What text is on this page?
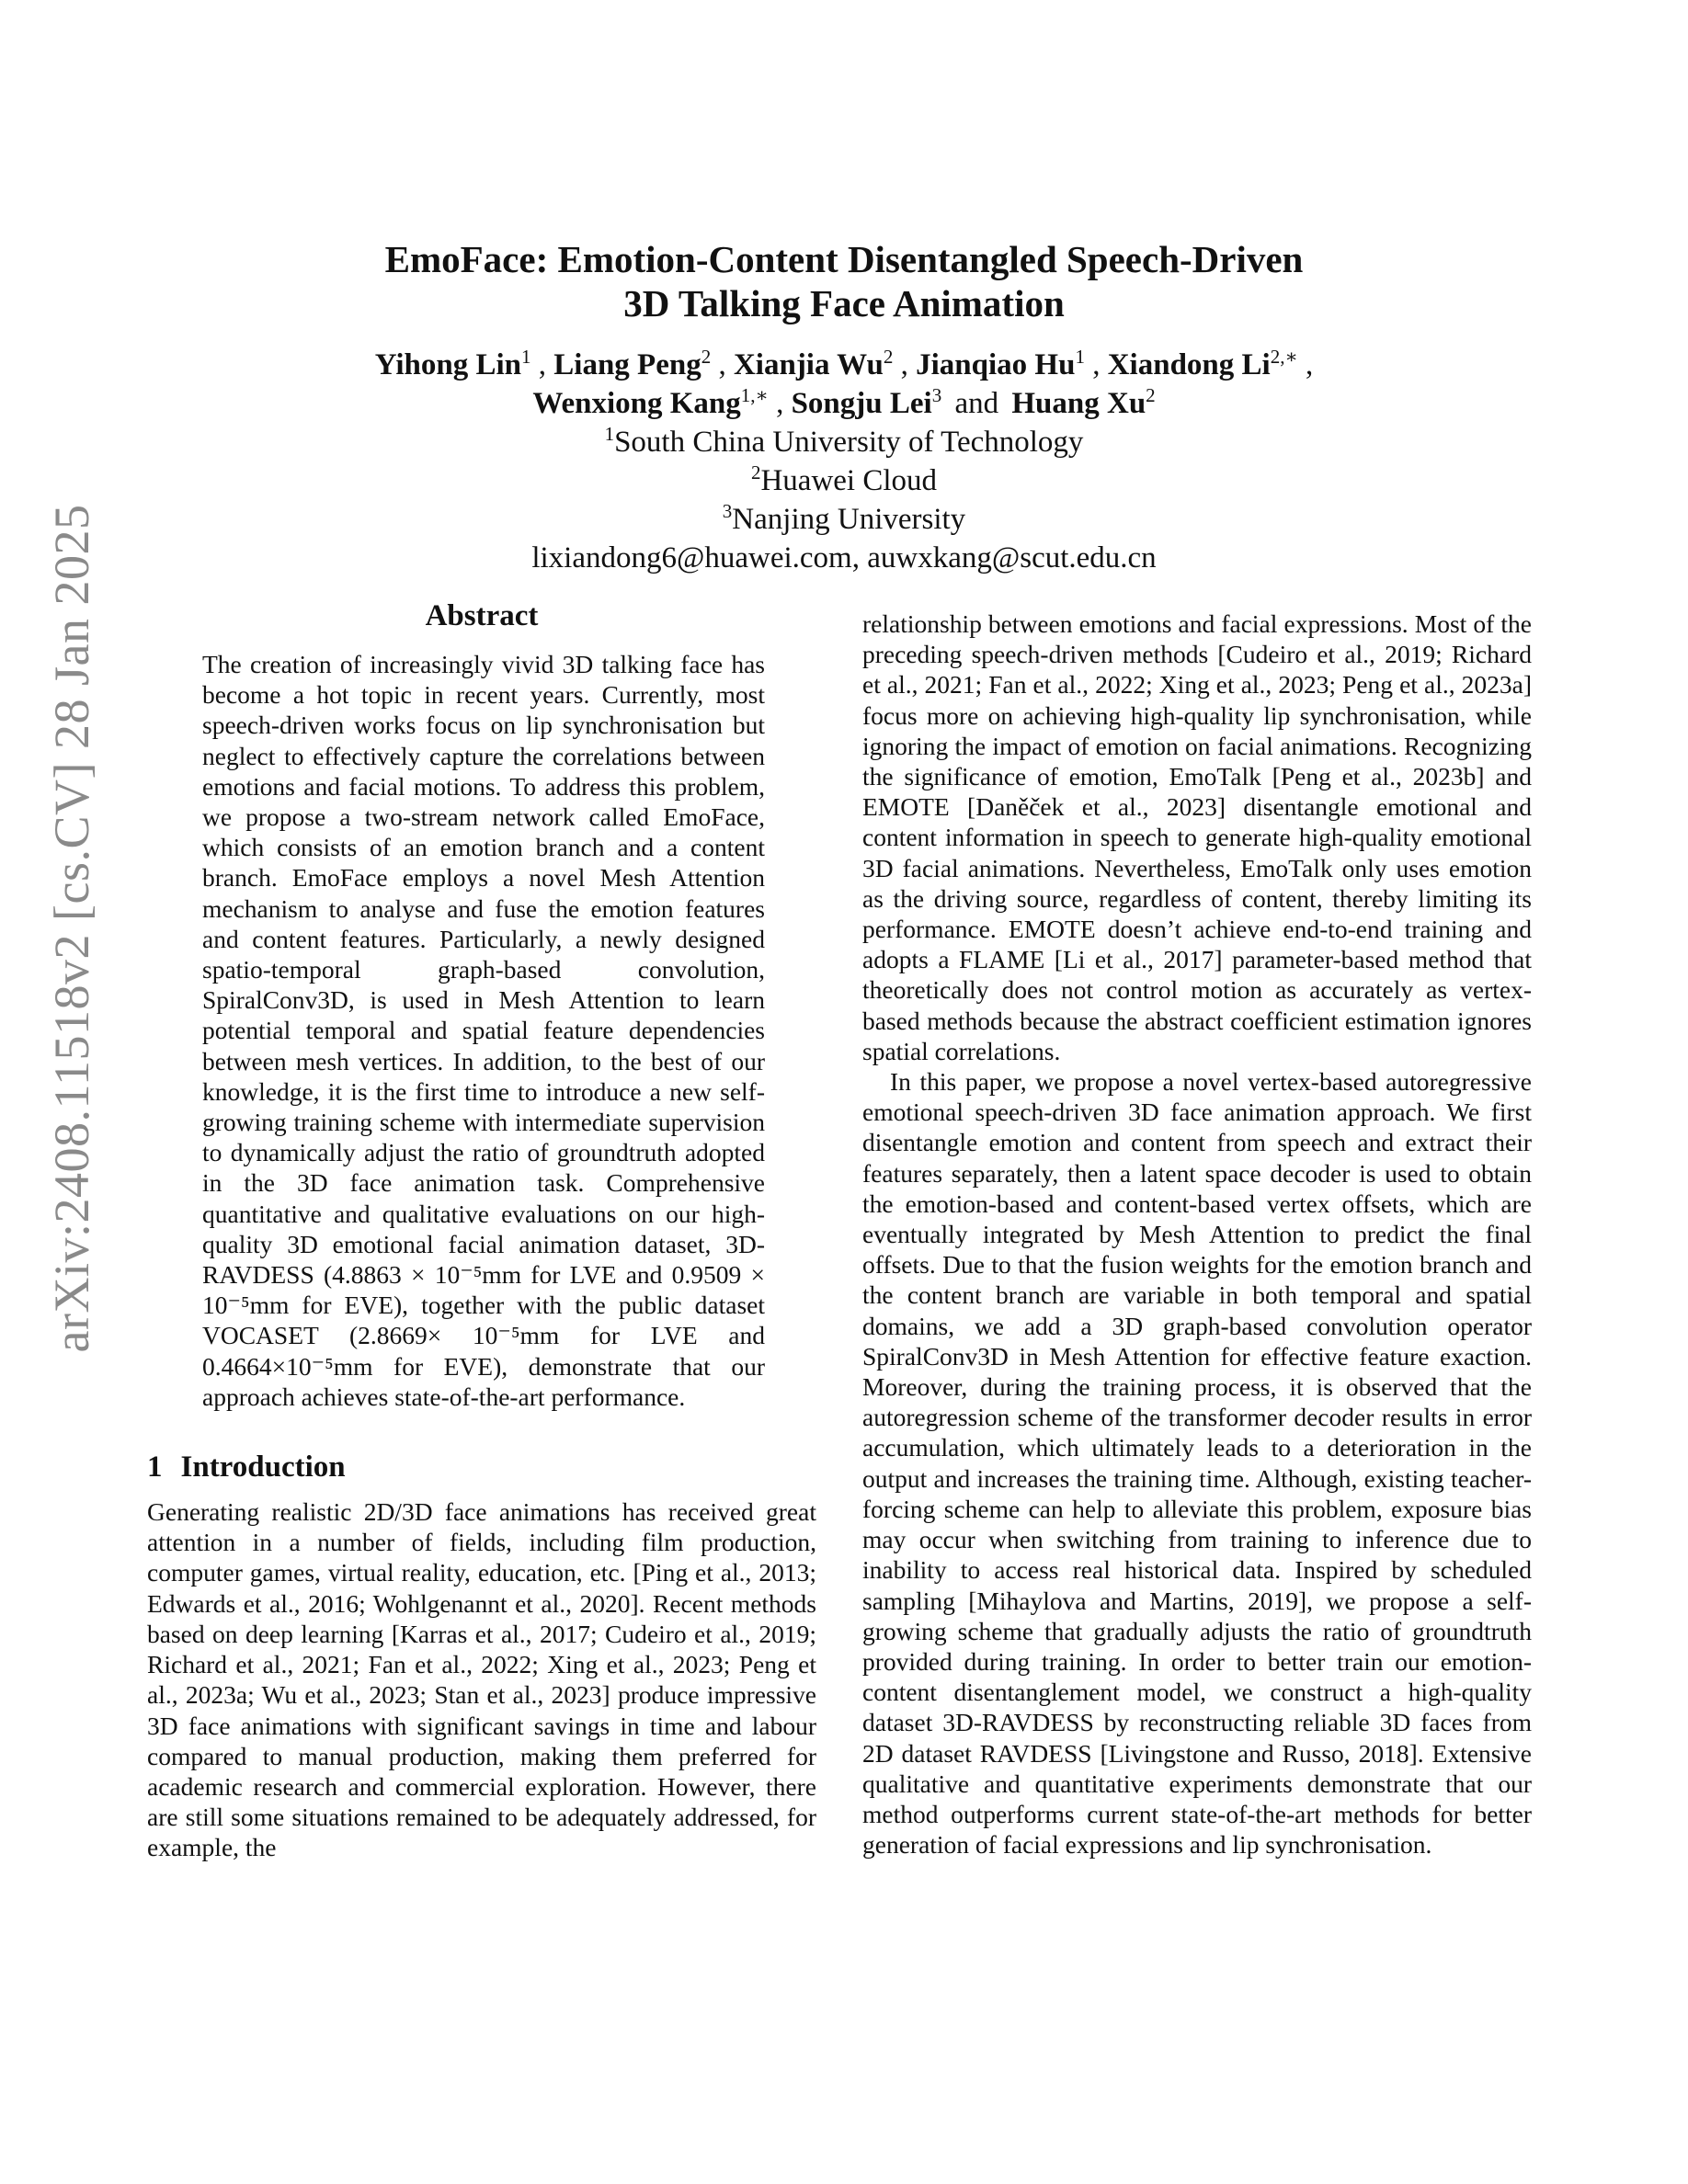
arXiv:2408.11518v2 [cs.CV] 28 Jan 2025
EmoFace: Emotion-Content Disentangled Speech-Driven
3D Talking Face Animation
Yihong Lin$^1$ , Liang Peng$^2$ , Xianjia Wu$^2$ , Jianqiao Hu$^1$ , Xiandong $Li^{2,∗}$ ,
Wenxiong Kang$^{1,∗}$ , Songju Lei$^3$ and Huang Xu$^2$
$^1$South China University of Technology
$^2$Huawei Cloud
$^3$Nanjing University
lixiandong6@huawei.com, auwxkang@scut.edu.cn
Abstract

The creation of increasingly vivid 3D talking face has become a hot topic in recent years. Currently, most speech-driven works focus on lip synchronisation but neglect to effectively capture the correlations between emotions and facial motions. To address this problem, we propose a two-stream network called EmoFace, which consists of an emotion branch and a content branch. EmoFace employs a novel Mesh Attention mechanism to analyse and fuse the emotion features and content features. Particularly, a newly designed spatio-temporal graph-based convolution, SpiralConv3D, is used in Mesh Attention to learn potential temporal and spatial feature dependencies between mesh vertices. In addition, to the best of our knowledge, it is the first time to introduce a new self-growing training scheme with intermediate supervision to dynamically adjust the ratio of groundtruth adopted in the 3D face animation task. Comprehensive quantitative and qualitative evaluations on our high-quality 3D emotional facial animation dataset, 3D-RAVDESS (4.8863 × 10⁻⁵mm for LVE and 0.9509 × 10⁻⁵mm for EVE), together with the public dataset VOCASET (2.8669× 10⁻⁵mm for LVE and 0.4664×10⁻⁵mm for EVE), demonstrate that our approach achieves state-of-the-art performance.

1 Introduction

Generating realistic 2D/3D face animations has received great attention in a number of fields, including film production, computer games, virtual reality, education, etc. [Ping et al., 2013; Edwards et al., 2016; Wohlgenannt et al., 2020]. Recent methods based on deep learning [Karras et al., 2017; Cudeiro et al., 2019; Richard et al., 2021; Fan et al., 2022; Xing et al., 2023; Peng et al., 2023a; Wu et al., 2023; Stan et al., 2023] produce impressive 3D face animations with significant savings in time and labour compared to manual production, making them preferred for academic research and commercial exploration. However, there are still some situations remained to be adequately addressed, for example, the

relationship between emotions and facial expressions. Most of the preceding speech-driven methods [Cudeiro et al., 2019; Richard et al., 2021; Fan et al., 2022; Xing et al., 2023; Peng et al., 2023a] focus more on achieving high-quality lip synchronisation, while ignoring the impact of emotion on facial animations. Recognizing the significance of emotion, EmoTalk [Peng et al., 2023b] and EMOTE [Daněček et al., 2023] disentangle emotional and content information in speech to generate high-quality emotional 3D facial animations. Nevertheless, EmoTalk only uses emotion as the driving source, regardless of content, thereby limiting its performance. EMOTE doesn’t achieve end-to-end training and adopts a FLAME [Li et al., 2017] parameter-based method that theoretically does not control motion as accurately as vertex-based methods because the abstract coefficient estimation ignores spatial correlations.

In this paper, we propose a novel vertex-based autoregressive emotional speech-driven 3D face animation approach. We first disentangle emotion and content from speech and extract their features separately, then a latent space decoder is used to obtain the emotion-based and content-based vertex offsets, which are eventually integrated by Mesh Attention to predict the final offsets. Due to that the fusion weights for the emotion branch and the content branch are variable in both temporal and spatial domains, we add a 3D graph-based convolution operator SpiralConv3D in Mesh Attention for effective feature exaction. Moreover, during the training process, it is observed that the autoregression scheme of the transformer decoder results in error accumulation, which ultimately leads to a deterioration in the output and increases the training time. Although, existing teacher-forcing scheme can help to alleviate this problem, exposure bias may occur when switching from training to inference due to inability to access real historical data. Inspired by scheduled sampling [Mihaylova and Martins, 2019], we propose a self-growing scheme that gradually adjusts the ratio of groundtruth provided during training. In order to better train our emotion-content disentanglement model, we construct a high-quality dataset 3D-RAVDESS by reconstructing reliable 3D faces from 2D dataset RAVDESS [Livingstone and Russo, 2018]. Extensive qualitative and quantitative experiments demonstrate that our method outperforms current state-of-the-art methods for better generation of facial expressions and lip synchronisation.
